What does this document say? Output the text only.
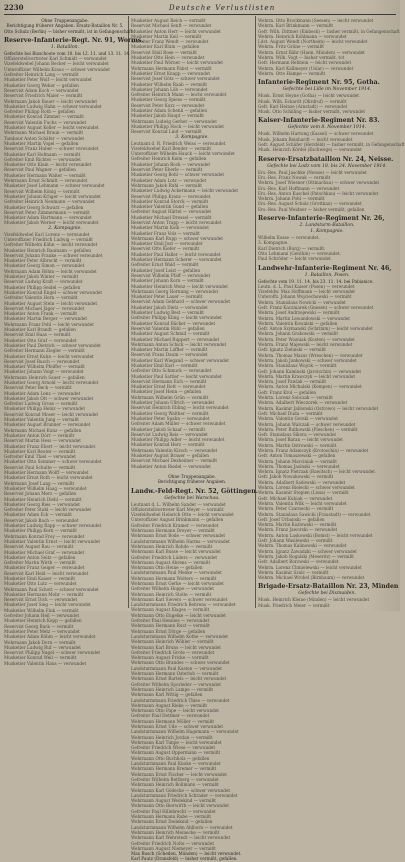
2230	Deutsche Verlustlisten
Ohne Truppenangabe.
Berichtigung früherer Angaben. Ersatz-Bataillon Nr. 5.
Otto Schulz (Berlin) — bisher vermißt, ist in Gefangenschaft.
Reserve-Infanterie-Regt. Nr. 91, Worms.
1. Bataillon.
Gefechte bei Bixschoote vom 10. bis 12. 11. und 13. 11. 14.
Offizierstellvertreter Karl Schmidt — verwundet
Vizefeldwebel Johann Becker — leicht verwundet
Unteroffizier Wilhelm Kraus — schwer verwundet
Gefreiter Heinrich Lang — vermißt
Musketier Peter Wolf — leicht verwundet
Musketier Georg Weber — gefallen
Reservist Adam Koch — verwundet
Reservist Friedrich Maier — vermißt
Wehrmann Jakob Bauer — leicht verwundet
Musketier Ludwig Hahn — schwer verwundet
Gefreiter Philipp Roth — gefallen
Musketier Konrad Zimmer — vermißt
Reservist Valentin Fuchs — verwundet
Musketier August Keller — leicht verwundet
Wehrmann Michael Braun — vermißt
Tambour Anton Schäfer — verwundet
Musketier Martin Vogel — gefallen
Reservist Franz Huber — schwer verwundet
Musketier Karl Hofmann — vermißt
Gefreiter Emil Richter — verwundet
Musketier Otto Klein — leicht verwundet
Reservist Paul Wagner — gefallen
Musketier Hermann Walter — vermißt
Wehrmann Ernst Schmitt — verwundet
Musketier Josef Lehmann — schwer verwundet
Reservist Wilhelm König — vermißt
Musketier Johann Krüger — leicht verwundet
Gefreiter Heinrich Neumann — verwundet
Musketier Georg Schwarz — gefallen
Reservist Peter Zimmermann — vermißt
Musketier Adam Hartmann — verwundet
Musketier Jakob Werner — leicht verwundet
2. Kompagnie.
Vizefeldwebel Karl Lorenz — verwundet
Unteroffizier Friedrich Ludwig — vermißt
Gefreiter Wilhelm Kühn — leicht verwundet
Musketier Heinrich Baumann — gefallen
Reservist Johann Franke — schwer verwundet
Musketier Peter Albrecht — vermißt
Musketier Georg Simon — verwundet
Wehrmann Adam Böhm — leicht verwundet
Musketier Jakob Winter — vermißt
Reservist Ludwig Kraft — verwundet
Musketier Philipp Seidel — gefallen
Musketier Konrad Engel — schwer verwundet
Gefreiter Valentin Horn — vermißt
Musketier August Stein — leicht verwundet
Reservist Michael Jäger — verwundet
Musketier Anton Frank — vermißt
Musketier Martin Berger — verwundet
Wehrmann Franz Pohl — leicht verwundet
Musketier Karl Brandt — gefallen
Reservist Emil Haas — vermißt
Musketier Otto Graf — verwundet
Musketier Paul Dietrich — schwer verwundet
Gefreiter Hermann Ziegler — vermißt
Musketier Ernst Kuhn — leicht verwundet
Reservist Josef Busch — verwundet
Musketier Wilhelm Pfeiffer — vermißt
Musketier Johann Voigt — verwundet
Wehrmann Heinrich Sauer — gefallen
Musketier Georg Arnold — leicht verwundet
Reservist Peter Beck — vermißt
Musketier Adam Lenz — verwundet
Musketier Jakob Ott — schwer verwundet
Gefreiter Ludwig Gross — vermißt
Musketier Philipp Heinz — verwundet
Reservist Konrad Moser — leicht verwundet
Musketier Valentin Jung — vermißt
Musketier August Brunner — verwundet
Wehrmann Michael Kunz — gefallen
Musketier Anton Dörr — vermißt
Reservist Martin Hess — verwundet
Musketier Franz Ebert — leicht verwundet
Musketier Karl Reuter — vermißt
Gefreiter Emil Thiel — verwundet
Musketier Otto Sommer — schwer verwundet
Reservist Paul Schulte — vermißt
Musketier Hermann Wolff — verwundet
Musketier Ernst Roth — leicht verwundet
Wehrmann Josef Lang — vermißt
Musketier Wilhelm Haag — verwundet
Reservist Johann Merz — gefallen
Musketier Heinrich Diehl — vermißt
Musketier Georg Ries — verwundet
Gefreiter Peter Stahl — leicht verwundet
Musketier Adam Eck — vermißt
Reservist Jakob Bach — verwundet
Musketier Ludwig Rapp — schwer verwundet
Musketier Philipp Kern — vermißt
Wehrmann Konrad Frey — verwundet
Musketier Valentin Ernst — leicht verwundet
Reservist August Rau — vermißt
Musketier Michael Graf — verwundet
Musketier Anton Seitz — gefallen
Gefreiter Martin Wirth — vermißt
Musketier Franz Geiger — verwundet
Reservist Karl Held — leicht verwundet
Musketier Emil Kaiser — vermißt
Musketier Otto Lutz — verwundet
Wehrmann Paul Schott — schwer verwundet
Musketier Hermann Mohr — vermißt
Reservist Ernst Dick — verwundet
Musketier Josef Sieg — leicht verwundet
Musketier Wilhelm Fink — vermißt
Gefreiter Johann Heil — verwundet
Musketier Heinrich Kopp — gefallen
Reservist Georg Back — vermißt
Musketier Peter Metz — verwundet
Musketier Adam Röhm — leicht verwundet
Wehrmann Jakob Dorn — vermißt
Musketier Ludwig Ruf — verwundet
Reservist Philipp Nagel — schwer verwundet
Musketier Konrad Weil — vermißt
Musketier Valentin Haus — verwundet
Musketier August Reich — vermißt
Reservist Michael Senft — verwundet
Musketier Anton Herr — leicht verwundet
Musketier Martin Keil — vermißt
Gefreiter Franz Wendt — verwundet
Musketier Karl Blum — gefallen
Reservist Emil Rose — vermißt
Musketier Otto Hein — verwundet
Musketier Paul Wörner — leicht verwundet
Wehrmann Hermann Pabst — vermißt
Musketier Ernst Knapp — verwundet
Reservist Josef Götz — schwer verwundet
Musketier Wilhelm Raab — vermißt
Musketier Johann Löb — verwundet
Gefreiter Heinrich Mann — leicht verwundet
Musketier Georg Spiess — vermißt
Reservist Peter Kurz — verwundet
Musketier Adam Schenk — gefallen
Musketier Jakob Haupt — vermißt
Wehrmann Ludwig Gerber — verwundet
Musketier Philipp Hock — leicht verwundet
Reservist Konrad Lind — vermißt
3. Kompagnie.
Leutnant d. R. Friedrich Weiss — verwundet
Vizefeldwebel Karl Bender — vermißt
Unteroffizier Wilhelm Hauck — leicht verwundet
Gefreiter Heinrich Keim — gefallen
Musketier Johann Bock — verwundet
Reservist Peter Eberle — vermißt
Musketier Georg Bohl — schwer verwundet
Musketier Adam Lotz — verwundet
Wehrmann Jakob Ruhl — vermißt
Musketier Ludwig Ackermann — leicht verwundet
Reservist Philipp Kranz — verwundet
Musketier Konrad Storck — vermißt
Musketier Valentin Gund — gefallen
Gefreiter August Härtel — verwundet
Musketier Michael Dressel — vermißt
Reservist Anton Trapp — leicht verwundet
Musketier Martin Kolb — verwundet
Musketier Franz Volz — vermißt
Wehrmann Karl Rupp — schwer verwundet
Musketier Emil Jost — verwundet
Reservist Otto Kiefer — vermißt
Musketier Paul Haller — leicht verwundet
Musketier Hermann Scherer — verwundet
Gefreiter Ernst Wald — vermißt
Musketier Josef Leist — gefallen
Reservist Wilhelm Pfaff — verwundet
Musketier Johann Korn — vermißt
Musketier Heinrich Wenz — leicht verwundet
Wehrmann Georg Hornung — verwundet
Musketier Peter Lauer — vermißt
Reservist Adam Gebhard — schwer verwundet
Musketier Jakob Dietz — verwundet
Musketier Ludwig Best — vermißt
Gefreiter Philipp Kling — leicht verwundet
Musketier Konrad Bäcker — verwundet
Reservist Valentin Rühl — gefallen
Musketier August Schmid — vermißt
Musketier Michael Ruppert — verwundet
Wehrmann Anton Schick — leicht verwundet
Musketier Martin Löffler — vermißt
Reservist Franz Daum — verwundet
Musketier Karl Wiegand — schwer verwundet
Musketier Emil Karl — vermißt
Gefreiter Otto Schmuck — verwundet
Musketier Paul Sattler — leicht verwundet
Reservist Hermann Eich — vermißt
Musketier Ernst Rott — verwundet
Musketier Josef Henn — gefallen
Wehrmann Wilhelm Grün — vermißt
Musketier Johann Ullrich — verwundet
Reservist Heinrich Ebling — leicht verwundet
Musketier Georg Walther — vermißt
Musketier Peter Spahn — verwundet
Gefreiter Adam Müller — schwer verwundet
Musketier Jakob Schaaf — vermißt
Reservist Ludwig Reis — verwundet
Musketier Philipp Adler — leicht verwundet
Musketier Konrad Herz — vermißt
Wehrmann Valentin Kirsch — verwundet
Musketier August Brauer — gefallen
Reservist Michael Dexheimer — vermißt
Musketier Anton Riedel — verwundet
Ohne Truppenangabe.
Berichtigung früherer Angaben.
Landw.-Feld-Regt. Nr. 52, Göttingen.
Gefechte bei Warschau.
Leutnant d. L. Wilhelm Sander — verwundet
Offizierstellvertreter Karl Meyer — vermißt
Vizefeldwebel Heinrich Otte — leicht verwundet
Unteroffizier August Brinkmann — gefallen
Gefreiter Friedrich Kramer — verwundet
Wehrmann Hermann Dreyer — vermißt
Wehrmann Ernst Bode — schwer verwundet
Landsturmmann Wilhelm Harms — verwundet
Wehrmann Heinrich Rohde — vermißt
Wehrmann Karl Busse — leicht verwundet
Gefreiter Friedrich Lüders — verwundet
Wehrmann August Ahrens — vermißt
Wehrmann Otto Heine — gefallen
Landsturmmann Paul Menke — verwundet
Wehrmann Hermann Wolters — vermißt
Wehrmann Ernst Gerke — leicht verwundet
Gefreiter Wilhelm Hoppe — verwundet
Wehrmann Heinrich Stolte — vermißt
Wehrmann Karl Sievers — schwer verwundet
Landsturmmann Friedrich Behrens — verwundet
Wehrmann August Klages — vermißt
Wehrmann Otto Engelke — leicht verwundet
Gefreiter Paul Hennies — verwundet
Wehrmann Hermann Rust — vermißt
Wehrmann Ernst Dörge — gefallen
Landsturmmann Wilhelm Kothe — verwundet
Wehrmann Heinrich Wöhler — vermißt
Wehrmann Karl Bruns — leicht verwundet
Gefreiter Friedrich Grote — verwundet
Wehrmann August Fricke — vermißt
Wehrmann Otto Brandes — schwer verwundet
Landsturmmann Paul Kasten — verwundet
Wehrmann Hermann Osterloh — vermißt
Wehrmann Ernst Bartels — leicht verwundet
Gefreiter Wilhelm Sporleder — verwundet
Wehrmann Heinrich Lampe — vermißt
Wehrmann Karl Wittig — gefallen
Landsturmmann Friedrich Thies — verwundet
Wehrmann August Rieke — vermißt
Wehrmann Otto Pape — leicht verwundet
Gefreiter Paul Dettmer — verwundet
Wehrmann Hermann Möller — vermißt
Wehrmann Ernst Ude — schwer verwundet
Landsturmmann Wilhelm Hagemann — verwundet
Wehrmann Heinrich Jordan — vermißt
Wehrmann Karl Timpe — leicht verwundet
Gefreiter Friedrich Wiese — verwundet
Wehrmann August Oppermann — vermißt
Wehrmann Otto Buchholz — gefallen
Landsturmmann Paul Knoke — verwundet
Wehrmann Hermann Bremer — vermißt
Wehrmann Ernst Fischer — leicht verwundet
Gefreiter Wilhelm Rettberg — verwundet
Wehrmann Heinrich Bollmann — vermißt
Wehrmann Karl Gödecke — schwer verwundet
Landsturmmann Friedrich Schrader — verwundet
Wehrmann August Wedekind — vermißt
Wehrmann Otto Bierwirth — leicht verwundet
Gefreiter Paul Hillebrecht — verwundet
Wehrmann Hermann Rabe — vermißt
Wehrmann Ernst Dedekind — gefallen
Landsturmmann Wilhelm Ahlborn — verwundet
Wehrmann Heinrich Meinecke — vermißt
Wehrmann Karl Wehrstedt — leicht verwundet
Gefreiter Friedrich Nolte — verwundet
Wehrmann August Niemeyer — vermißt
Max Busch (Scheden, Münden) — leicht verwundet.
Karl Pautz (Dransfeld) — bisher vermißt, gefallen.
Wehrm. Otto Brockmann (Seesen) — leicht verwundet
Wehrm. Karl Brinkmann — vermißt
Gefr. Wilh. Dittmer (Einbeck) — bisher vermißt, in Gefangenschaft
Wehrm. Heinrich Kohlmann — verwundet
Ldst. August Wendt (Northeim) — leicht verwundet
Wehrm. Fritz Grüne — vermißt
Wehrm. Ernst Bähr (Hann. Münden) — verwundet
Wehrm. Wilh. Vogt — bisher vermißt, tot
Gefr. Hermann Rehbein — leicht verwundet
Wehrm. Karl Kallmeyer (Uslar) — verwundet
Wehrm. Otto Hampe — vermißt
Infanterie-Regiment Nr. 95, Gotha.
Gefechte bei Lille im November 1914.
Musk. Ernst Heyne (Gotha) — leicht verwundet
Musk. Wilh. Eckardt (Ohrdruf) — vermißt
Gefr. Karl Heinze (Arnstadt) — verwundet
Musk. Otto Schilling — bisher vermißt, verwundet
Kaiser-Infanterie-Regiment Nr. 83.
Gefechte vom 8. November 1914.
Musk. Wilhelm Hartung (Kassel) — schwer verwundet
Musk. Johann Reinhardt — leicht verwundet
Gefr. August Schäfer (Hersfeld) — bisher vermißt, in Gefangenschaft
Musk. Heinrich Kördel (Eschwege) — verwundet
Reserve-Ersatzbataillon Nr. 24, Neisse.
Gefechte bei Lodz vom 18. bis 24. November 1914.
Ers.-Res. Paul Jaschke (Neisse) — leicht verwundet
Ers.-Res. Franz Nowak — vermißt
Wehrm. Josef Wiesner (Ottmachau) — schwer verwundet
Ers.-Res. Karl Hoffmann — verwundet
Ers.-Res. Anton Kuschel (Patschkau) — leicht verwundet
Wehrm. Johann Pohl — vermißt
Ers.-Res. August Scholz (Grottkau) — verwundet
Ers.-Res. Paul Weidner — bisher vermißt, gefallen
Reserve-Infanterie-Regiment Nr. 26,
2. Landsturm-Bataillon.
1. Kompagnie.
Wilhelm Kosse — verwundet.
3. Kompagnie.
Karl Dietrich (Burg) — vermißt.
Otto Lehmann (Genthin) — verwundet.
Paul Schröder — leicht verwundet.
Landwehr-Infanterie-Regiment Nr. 46,
1. Bataillon, Posen.
Gefechte vom 19. 11. 14. bis 23. 11. 14. bei Pabianice.
Leutn. d. L. Paul Kaiser (Posen) — verwundet
Vizefeldw. Max Hoffmann — leicht verwundet
Unteroffz. Johann Wojciechowski — vermißt
Wehrm. Stanislaus Nowicki — verwundet
Gefr. Franz Kaczmarek (Gnesen) — schwer verwundet
Wehrm. Josef Andrzejewski — vermißt
Wehrm. Martin Lewandowski — verwundet
Wehrm. Valentin Kowalski — gefallen
Gefr. Anton Szymanski (Schrimm) — leicht verwundet
Wehrm. Johann Grabowski — vermißt
Wehrm. Peter Wozniak (Kosten) — verwundet
Wehrm. Franz Majewski — leicht verwundet
Gefr. Ignatz Zielinski — vermißt
Wehrm. Thomas Mazur (Wreschen) — verwundet
Wehrm. Jakob Jankowski — schwer verwundet
Wehrm. Stanislaus Wojcik — vermißt
Gefr. Johann Kaminski (Jarotschin) — verwundet
Wehrm. Martin Krawczyk — leicht verwundet
Wehrm. Josef Pawlak — vermißt
Wehrm. Anton Michalski (Kempen) — verwundet
Gefr. Franz Krol — gefallen
Wehrm. Lorenz Sobczak — vermißt
Wehrm. Adalbert Wieczorek — verwundet
Wehrm. Kasimir Jablonski (Ostrowo) — leicht verwundet
Gefr. Michael Duda — vermißt
Wehrm. Valentin Gorski — verwundet
Wehrm. Johann Walczak — schwer verwundet
Wehrm. Peter Rutkowski (Pleschen) — vermißt
Gefr. Stanislaus Sikora — verwundet
Wehrm. Josef Baran — leicht verwundet
Wehrm. Martin Ostrowski — vermißt
Wehrm. Franz Adamczyk (Krotoschin) — verwundet
Gefr. Anton Tomaszewski — gefallen
Wehrm. Johann Marciniak — vermißt
Wehrm. Thomas Jasinski — verwundet
Wehrm. Ignatz Pietrzak (Rawitsch) — leicht verwundet
Gefr. Jakob Nowakowski — vermißt
Wehrm. Adalbert Sadowski — verwundet
Wehrm. Lorenz Bielecki — schwer verwundet
Wehrm. Kasimir Stepien (Lissa) — vermißt
Gefr. Michael Kubiak — verwundet
Wehrm. Valentin Wilk — leicht verwundet
Wehrm. Peter Czarnecki — vermißt
Wehrm. Stanislaus Sawicki (Fraustadt) — verwundet
Gefr. Josef Urbanski — gefallen
Wehrm. Martin Kozlowski — vermißt
Wehrm. Franz Jaworski — verwundet
Wehrm. Anton Laskowski (Bomst) — leicht verwundet
Gefr. Johann Wasilewski — vermißt
Wehrm. Thomas Kalinowski — verwundet
Wehrm. Ignatz Zawadzki — schwer verwundet
Wehrm. Jakob Rogalski (Meseritz) — vermißt
Gefr. Adalbert Borowski — verwundet
Wehrm. Lorenz Chmielewski — leicht verwundet
Wehrm. Kasimir Szulc — vermißt
Wehrm. Michael Wrobel (Birnbaum) — verwundet
Brigade-Ersatz-Bataillon Nr. 23, Minden
Gefechte bei Dixmuiden.
Musk. Heinrich Kleine (Minden) — leicht verwundet
Musk. Friedrich Meier — vermißt
